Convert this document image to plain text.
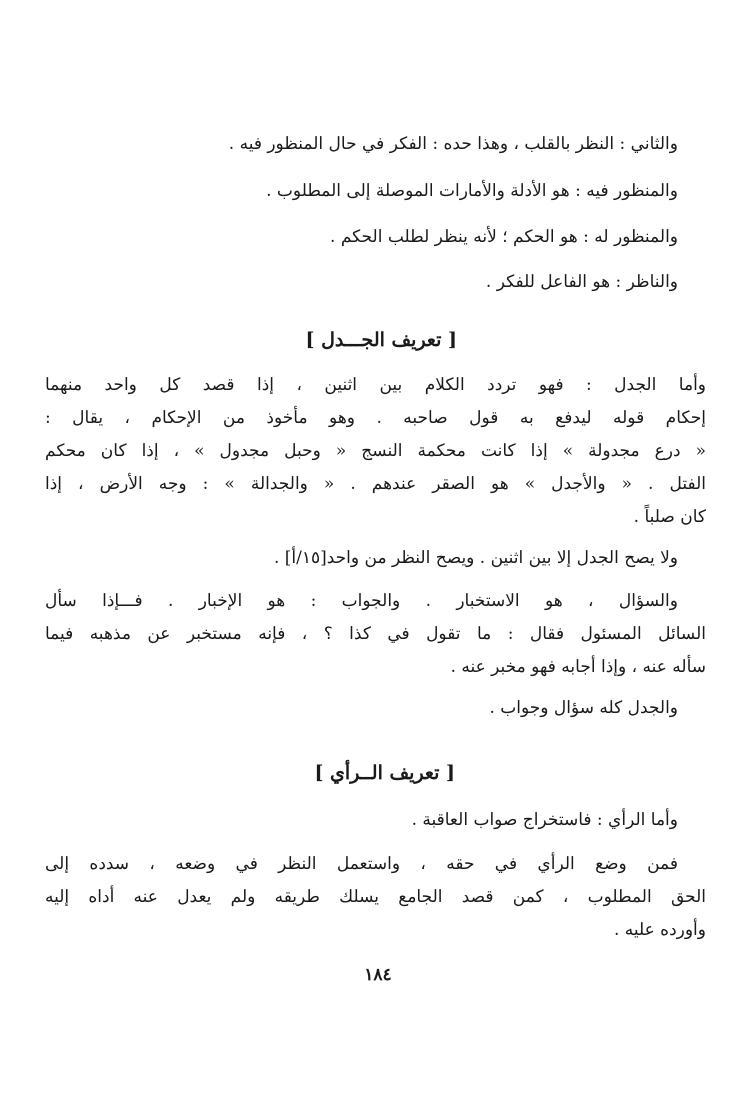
والثاني : النظر بالقلب ، وهذا حده : الفكر في حال المنظور فيه .
والمنظور فيه : هو الأدلة والأمارات الموصلة إلى المطلوب .
والمنظور له : هو الحكم ؛ لأنه ينظر لطلب الحكم .
والناظر : هو الفاعل للفكر .
[ تعريف الجـــدل ]
وأما الجدل : فهو تردد الكلام بين اثنين ، إذا قصد كل واحد منهما
إحكام قوله ليدفع به قول صاحبه . وهو مأخوذ من الإحكام ، يقال :
« درع مجدولة » إذا كانت محكمة النسج « وحبل مجدول » ، إذا كان محكم
الفتل . « والأجدل » هو الصقر عندهم . « والجدالة » : وجه الأرض ، إذا
كان صلباً .
ولا يصح الجدل إلا بين اثنين . ويصح النظر من واحد[١٥/أ] .
والسؤال ، هو الاستخبار . والجواب : هو الإخبار . فـــإذا سأل
السائل المسئول فقال : ما تقول في كذا ؟ ، فإنه مستخبر عن مذهبه فيما
سأله عنه ، وإذا أجابه فهو مخبر عنه .
والجدل كله سؤال وجواب .
[ تعريف الــرأي ]
وأما الرأي : فاستخراج صواب العاقبة .
فمن وضع الرأي في حقه ، واستعمل النظر في وضعه ، سدده إلى
الحق المطلوب ، كمن قصد الجامع يسلك طريقه ولم يعدل عنه أداه إليه
وأورده عليه .
١٨٤
